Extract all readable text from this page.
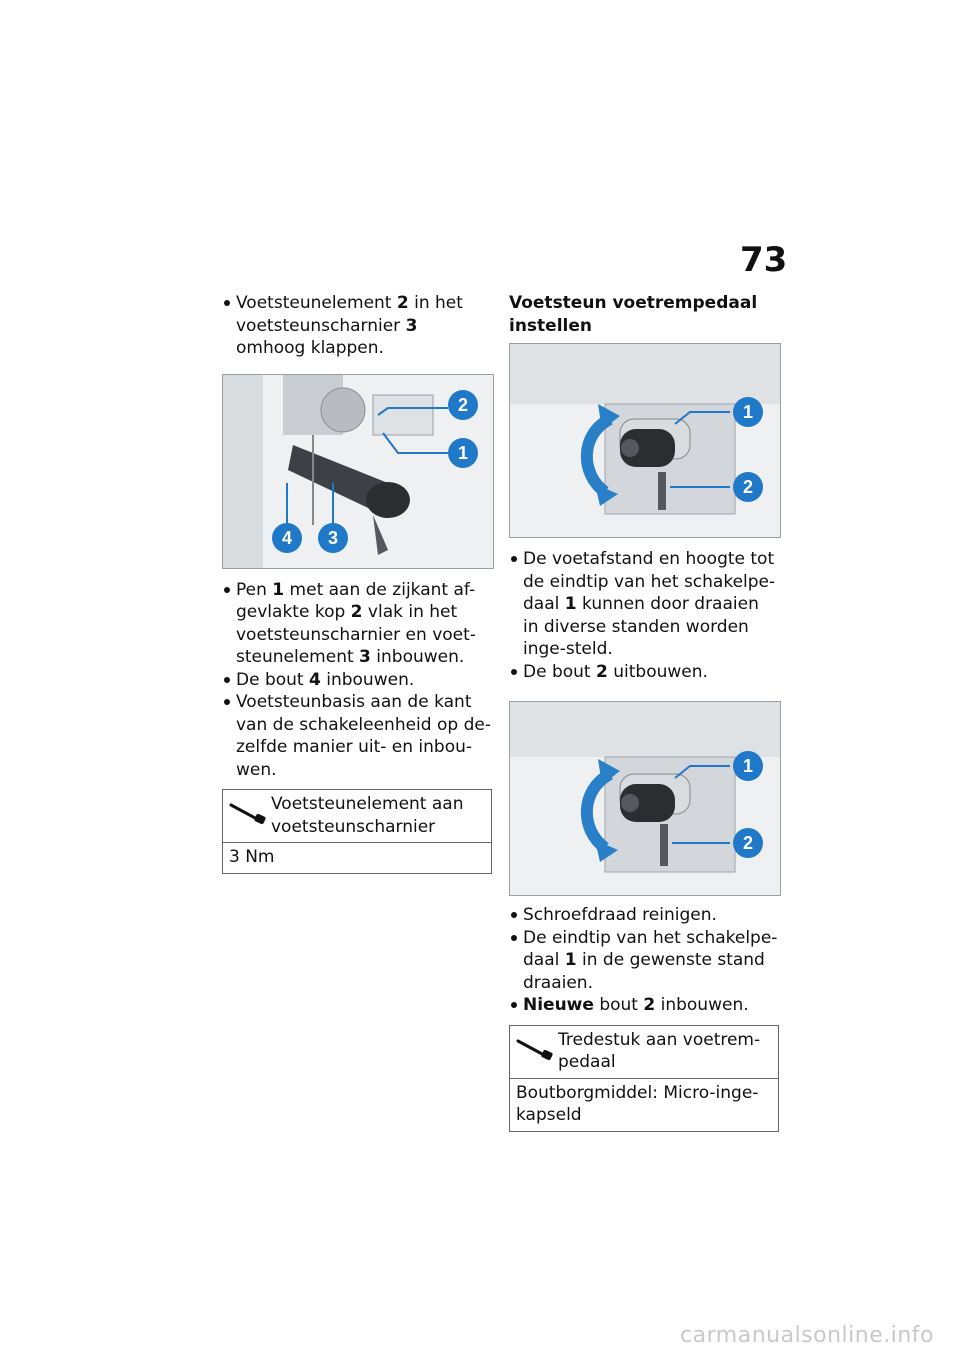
73
Voetsteunelement 2 in het voetsteunscharnier 3 omhoog klappen.
2
1
4 3
Pen 1 met aan de zijkant af-gevlakte kop 2 vlak in het voetsteunscharnier en voet-steunelement 3 inbouwen.
De bout 4 inbouwen.
Voetsteunbasis aan de kant van de schakeleenheid op de-zelfde manier uit- en inbou-wen.
Voetsteunelement aan voetsteunscharnier
3 Nm
Voetsteun voetrempedaal instellen
1
2
De voetafstand en hoogte tot de eindtip van het schakelpe-daal 1 kunnen door draaien in diverse standen worden inge-steld.
De bout 2 uitbouwen.
1
2
Schroefdraad reinigen.
De eindtip van het schakelpe-daal 1 in de gewenste stand draaien.
Nieuwe bout 2 inbouwen.
Tredestuk aan voetrem-pedaal
Boutborgmiddel: Micro-inge-kapseld
carmanualsonline.info
